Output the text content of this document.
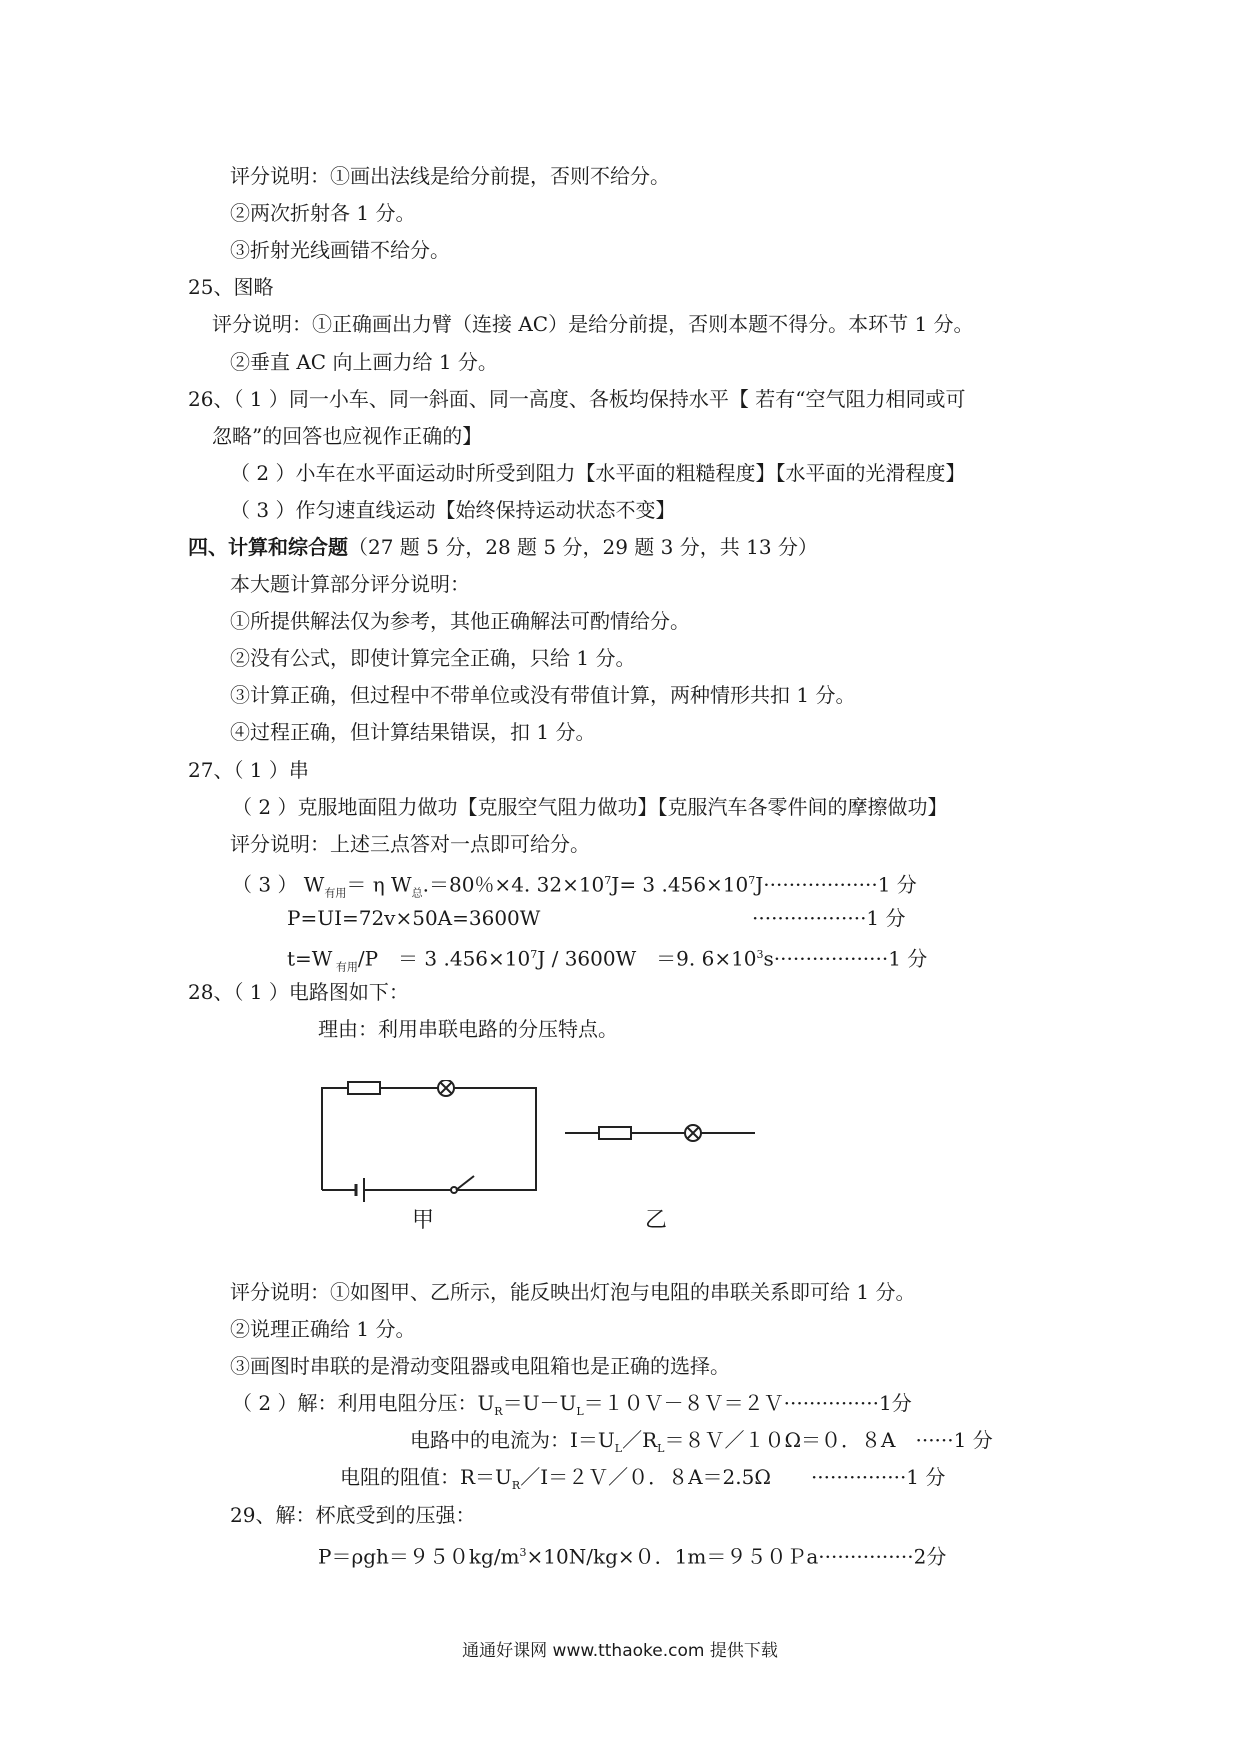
评分说明：①画出法线是给分前提，否则不给分。
②两次折射各 1 分。
③折射光线画错不给分。
25、图略
评分说明：①正确画出力臂（连接 AC）是给分前提，否则本题不得分。本环节 1 分。
②垂直 AC 向上画力给 1 分。
26、（ 1 ）同一小车、同一斜面、同一高度、各板均保持水平【 若有“空气阻力相同或可
忽略”的回答也应视作正确的】
（ 2 ）小车在水平面运动时所受到阻力【水平面的粗糙程度】【水平面的光滑程度】
（ 3 ）作匀速直线运动【始终保持运动状态不变】
四、计算和综合题（27 题 5 分，28 题 5 分，29 题 3 分，共 13 分）
本大题计算部分评分说明：
①所提供解法仅为参考，其他正确解法可酌情给分。
②没有公式，即使计算完全正确，只给 1 分。
③计算正确，但过程中不带单位或没有带值计算，两种情形共扣 1 分。
④过程正确，但计算结果错误，扣 1 分。
27、（ 1 ）串
（ 2 ）克服地面阻力做功【克服空气阻力做功】【克服汽车各零件间的摩擦做功】
评分说明：上述三点答对一点即可给分。
（ 3 ） $W_{有用}= \eta$ $W_总.=80$％×4. $32\times 10^7J= 3$ $.456\times 10^7J\cdot\cdot\cdot\cdot\cdot\cdot\cdot\cdot\cdot\cdot\cdot\cdot\cdot\cdot\cdot\cdot\cdot\cdot 1$ 分
P=UI=72v×50A=3600W	··················1 分
t=W $_{有用}$/P　＝ 3 $.456\times 10^7J / 3600W$　＝9. $6\times 10^3s\cdot\cdot\cdot\cdot\cdot\cdot\cdot\cdot\cdot\cdot\cdot\cdot\cdot\cdot\cdot\cdot\cdot\cdot 1$ 分
28、（ 1 ）电路图如下：
理由：利用串联电路的分压特点。
甲	乙
评分说明：①如图甲、乙所示，能反映出灯泡与电阻的串联关系即可给 1 分。
②说理正确给 1 分。
③画图时串联的是滑动变阻器或电阻箱也是正确的选择。
（ 2 ）解：利用电阻分压：$U_R=U-U_L=10V-8V=2V\cdot\cdot\cdot\cdot\cdot\cdot\cdot\cdot\cdot\cdot\cdot\cdot\cdot\cdot\cdot 1$分
电路中的电流为：$I=U_L/R_L=8V/10\Omega=0$．８A　······1 分
电阻的阻值：$R=U_R/I=2V/0$．８A＝2.5Ω　　···············1 分
29、解：杯底受到的压强：
$P=\rho gh=950kg/m^3\times 10N/kg\times 0$．1m＝９５０Ｐa···············2分
通通好课网 www.tthaoke.com 提供下载
